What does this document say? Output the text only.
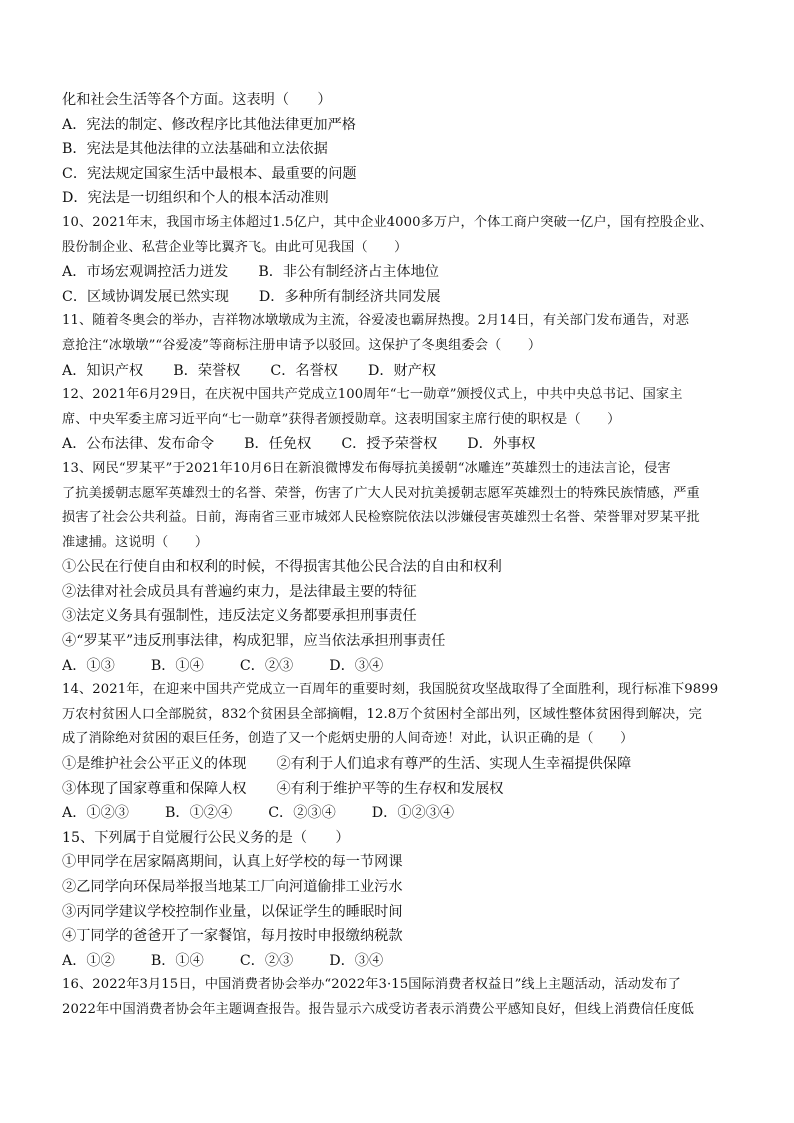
化和社会生活等各个方面。这表明（　　）
A．宪法的制定、修改程序比其他法律更加严格
B．宪法是其他法律的立法基础和立法依据
C．宪法规定国家生活中最根本、最重要的问题
D．宪法是一切组织和个人的根本活动准则
10、2021年末，我国市场主体超过1.5亿户，其中企业4000多万户，个体工商户突破一亿户，国有控股企业、
股份制企业、私营企业等比翼齐飞。由此可见我国（　　）
A．市场宏观调控活力迸发 B．非公有制经济占主体地位
C．区域协调发展已然实现 D．多种所有制经济共同发展
11、随着冬奥会的举办，吉祥物冰墩墩成为主流，谷爱凌也霸屏热搜。2月14日，有关部门发布通告，对恶
意抢注“冰墩墩”“谷爱凌”等商标注册申请予以驳回。这保护了冬奥组委会（　　）
A．知识产权 B．荣誉权 C．名誉权 D．财产权
12、2021年6月29日，在庆祝中国共产党成立100周年“七一勋章”颁授仪式上，中共中央总书记、国家主
席、中央军委主席习近平向“七一勋章”获得者颁授勋章。这表明国家主席行使的职权是（　　）
A．公布法律、发布命令 B．任免权 C．授予荣誉权 D．外事权
13、网民“罗某平”于2021年10月6日在新浪微博发布侮辱抗美援朝“冰雕连”英雄烈士的违法言论，侵害
了抗美援朝志愿军英雄烈士的名誉、荣誉，伤害了广大人民对抗美援朝志愿军英雄烈士的特殊民族情感，严重
损害了社会公共利益。日前，海南省三亚市城郊人民检察院依法以涉嫌侵害英雄烈士名誉、荣誉罪对罗某平批
准逮捕。这说明（　　）
①公民在行使自由和权利的时候，不得损害其他公民合法的自由和权利
②法律对社会成员具有普遍约束力，是法律最主要的特征
③法定义务具有强制性，违反法定义务都要承担刑事责任
④“罗某平”违反刑事法律，构成犯罪，应当依法承担刑事责任
A．①③	B．①④	C．②③	D．③④
14、2021年，在迎来中国共产党成立一百周年的重要时刻，我国脱贫攻坚战取得了全面胜利，现行标准下9899
万农村贫困人口全部脱贫，832个贫困县全部摘帽，12.8万个贫困村全部出列，区域性整体贫困得到解决，完
成了消除绝对贫困的艰巨任务，创造了又一个彪炳史册的人间奇迹！对此，认识正确的是（　　）
①是维护社会公平正义的体现 ②有利于人们追求有尊严的生活、实现人生幸福提供保障
③体现了国家尊重和保障人权 ④有利于维护平等的生存权和发展权
A．①②③	B．①②④	C．②③④	D．①②③④
15、下列属于自觉履行公民义务的是（　　）
①甲同学在居家隔离期间，认真上好学校的每一节网课
②乙同学向环保局举报当地某工厂向河道偷排工业污水
③丙同学建议学校控制作业量，以保证学生的睡眠时间
④丁同学的爸爸开了一家餐馆，每月按时申报缴纳税款
A．①②	B．①④	C．②③	D．③④
16、2022年3月15日，中国消费者协会举办“2022年3·15国际消费者权益日”线上主题活动，活动发布了
2022年中国消费者协会年主题调查报告。报告显示六成受访者表示消费公平感知良好，但线上消费信任度低
